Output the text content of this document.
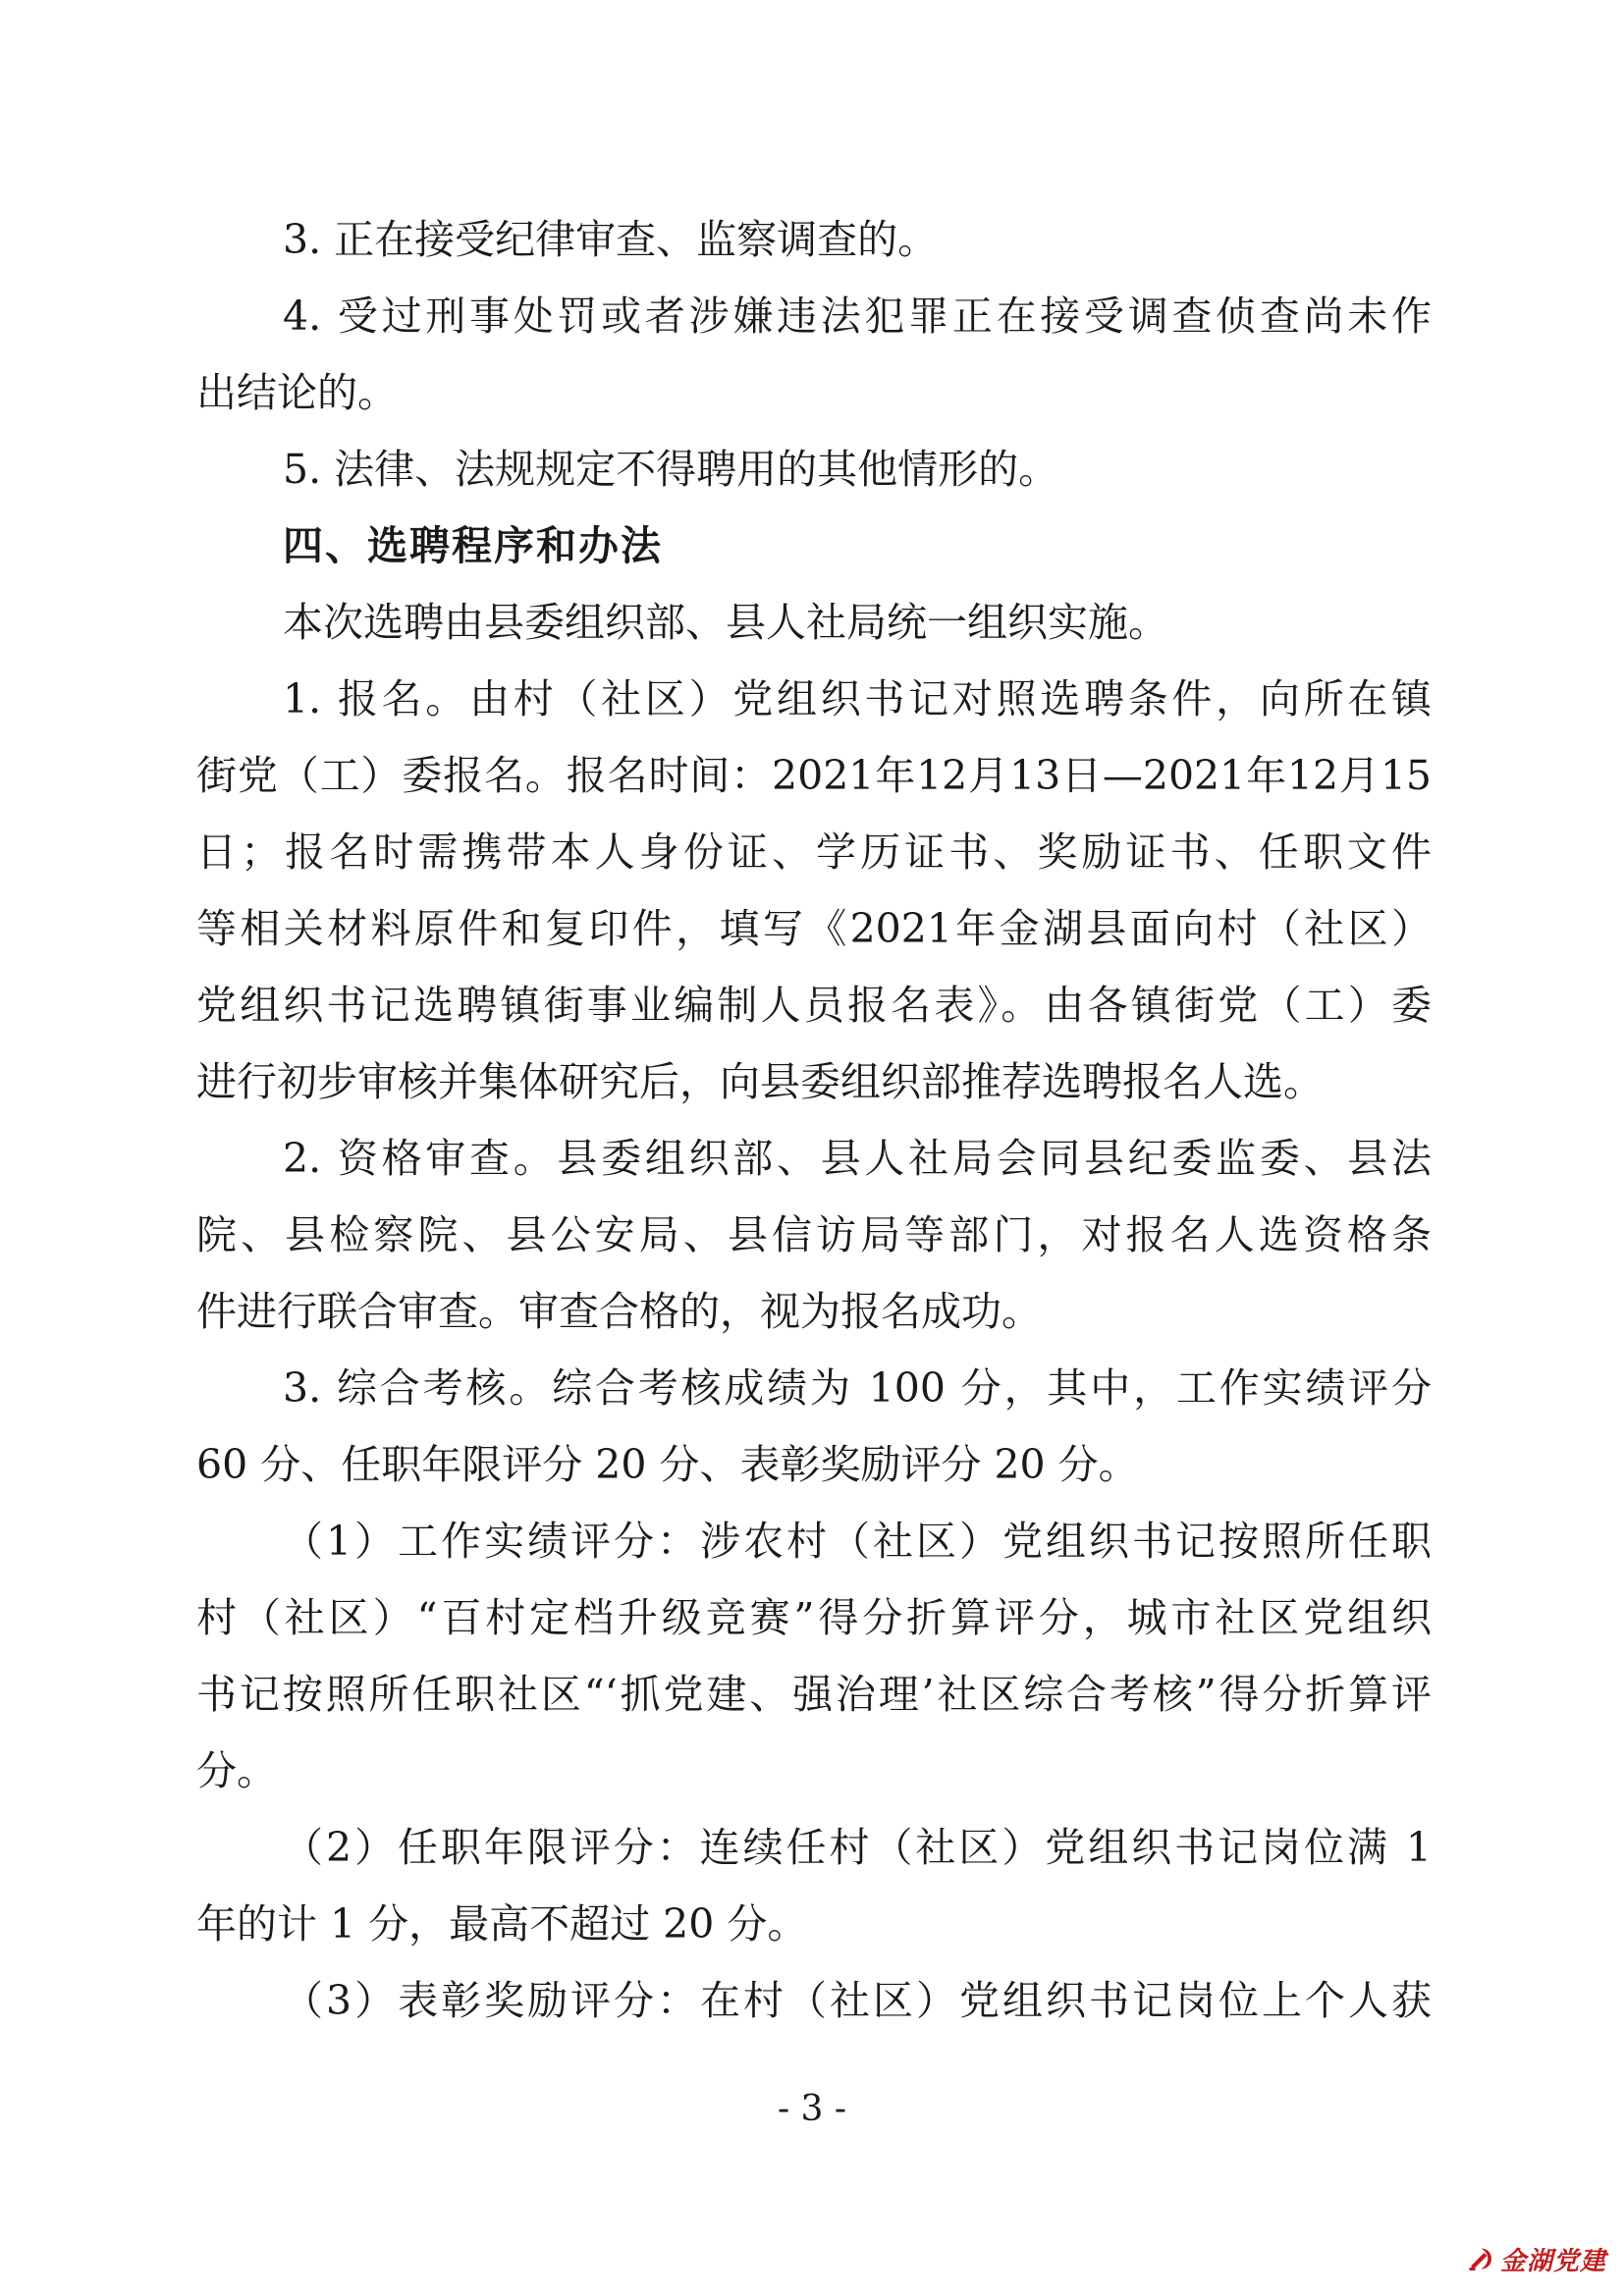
3. 正在接受纪律审查、监察调查的。
4. 受过刑事处罚或者涉嫌违法犯罪正在接受调查侦查尚未作
出结论的。
5. 法律、法规规定不得聘用的其他情形的。
四、选聘程序和办法
本次选聘由县委组织部、县人社局统一组织实施。
1. 报名。由村（社区）党组织书记对照选聘条件，向所在镇
街党（工）委报名。报名时间：2021年12月13日—2021年12月15
日；报名时需携带本人身份证、学历证书、奖励证书、任职文件
等相关材料原件和复印件，填写《2021年金湖县面向村（社区）
党组织书记选聘镇街事业编制人员报名表》。由各镇街党（工）委
进行初步审核并集体研究后，向县委组织部推荐选聘报名人选。
2. 资格审查。县委组织部、县人社局会同县纪委监委、县法
院、县检察院、县公安局、县信访局等部门，对报名人选资格条
件进行联合审查。审查合格的，视为报名成功。
3. 综合考核。综合考核成绩为 100 分，其中，工作实绩评分
60 分、任职年限评分 20 分、表彰奖励评分 20 分。
（1）工作实绩评分：涉农村（社区）党组织书记按照所任职
村（社区）“百村定档升级竞赛”得分折算评分，城市社区党组织
书记按照所任职社区“‘抓党建、强治理’社区综合考核”得分折算评
分。
（2）任职年限评分：连续任村（社区）党组织书记岗位满 1
年的计 1 分，最高不超过 20 分。
（3）表彰奖励评分：在村（社区）党组织书记岗位上个人获
- 3 -
金湖党建
